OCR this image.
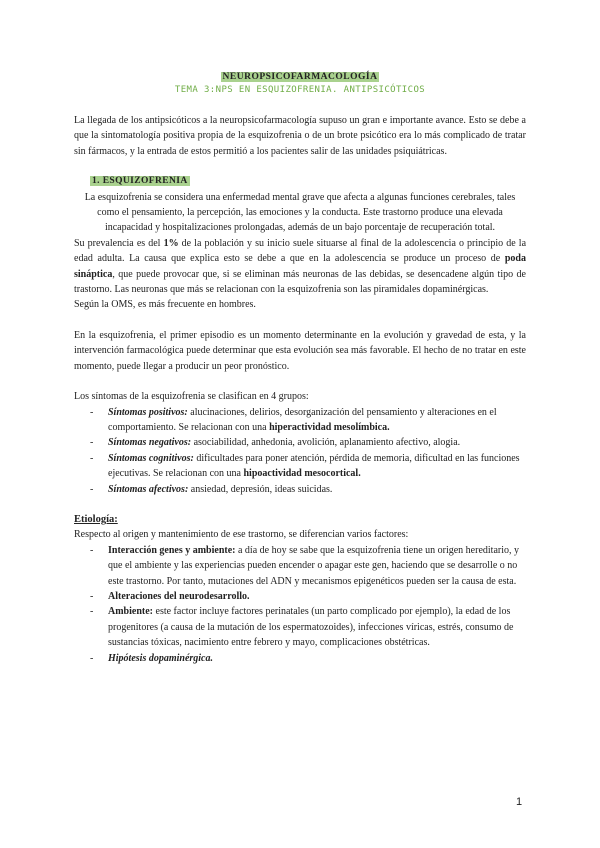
NEUROPSICOFARMACOLOGÍA
TEMA 3:NPS EN ESQUIZOFRENIA. ANTIPSICÓTICOS

La llegada de los antipsicóticos a la neuropsicofarmacología supuso un gran e importante avance. Esto se debe a que la sintomatología positiva propia de la esquizofrenia o de un brote psicótico era lo más complicado de tratar sin fármacos, y la entrada de estos permitió a los pacientes salir de las unidades psiquiátricas.

1. ESQUIZOFRENIA

La esquizofrenia se considera una enfermedad mental grave que afecta a algunas funciones cerebrales, tales como el pensamiento, la percepción, las emociones y la conducta. Este trastorno produce una elevada incapacidad y hospitalizaciones prolongadas, además de un bajo porcentaje de recuperación total.

Su prevalencia es del 1% de la población y su inicio suele situarse al final de la adolescencia o principio de la edad adulta. La causa que explica esto se debe a que en la adolescencia se produce un proceso de poda sináptica, que puede provocar que, si se eliminan más neuronas de las debidas, se desencadene algún tipo de trastorno. Las neuronas que más se relacionan con la esquizofrenia son las piramidales dopaminérgicas.

Según la OMS, es más frecuente en hombres.

En la esquizofrenia, el primer episodio es un momento determinante en la evolución y gravedad de esta, y la intervención farmacológica puede determinar que esta evolución sea más favorable. El hecho de no tratar en este momento, puede llegar a producir un peor pronóstico.

Los síntomas de la esquizofrenia se clasifican en 4 grupos:

- Síntomas positivos: alucinaciones, delirios, desorganización del pensamiento y alteraciones en el comportamiento. Se relacionan con una hiperactividad mesolímbica.
- Síntomas negativos: asociabilidad, anhedonia, avolición, aplanamiento afectivo, alogia.
- Síntomas cognitivos: dificultades para poner atención, pérdida de memoria, dificultad en las funciones ejecutivas. Se relacionan con una hipoactividad mesocortical.
- Síntomas afectivos: ansiedad, depresión, ideas suicidas.

Etiología:

Respecto al origen y mantenimiento de ese trastorno, se diferencian varios factores:

- Interacción genes y ambiente: a día de hoy se sabe que la esquizofrenia tiene un origen hereditario, y que el ambiente y las experiencias pueden encender o apagar este gen, haciendo que se desarrolle o no este trastorno. Por tanto, mutaciones del ADN y mecanismos epigenéticos pueden ser la causa de esta.
- Alteraciones del neurodesarrollo.
- Ambiente: este factor incluye factores perinatales (un parto complicado por ejemplo), la edad de los progenitores (a causa de la mutación de los espermatozoides), infecciones víricas, estrés, consumo de sustancias tóxicas, nacimiento entre febrero y mayo, complicaciones obstétricas.
- Hipótesis dopaminérgica.
1
